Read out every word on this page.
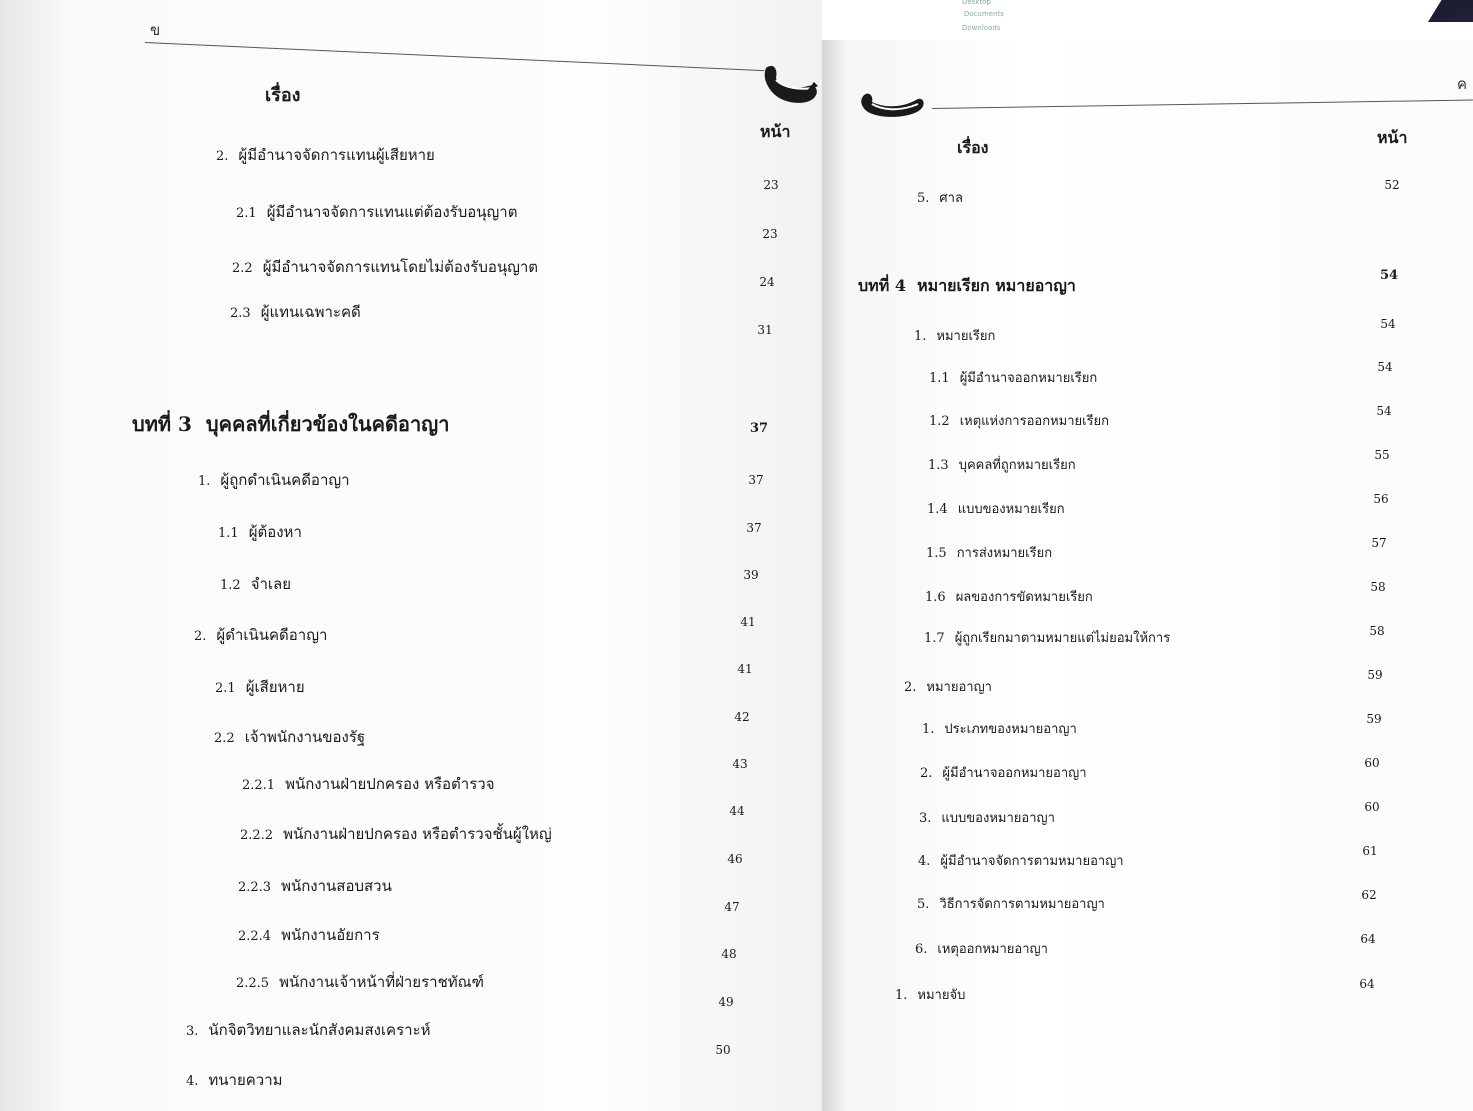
ข
เรื่อง
หน้า
2. ผู้มีอำนาจจัดการแทนผู้เสียหาย
2.1 ผู้มีอำนาจจัดการแทนแต่ต้องรับอนุญาต
2.2 ผู้มีอำนาจจัดการแทนโดยไม่ต้องรับอนุญาต
2.3 ผู้แทนเฉพาะคดี
บทที่ 3 บุคคลที่เกี่ยวข้องในคดีอาญา
1. ผู้ถูกดำเนินคดีอาญา
1.1 ผู้ต้องหา
1.2 จำเลย
2. ผู้ดำเนินคดีอาญา
2.1 ผู้เสียหาย
2.2 เจ้าพนักงานของรัฐ
2.2.1 พนักงานฝ่ายปกครอง หรือตำรวจ
2.2.2 พนักงานฝ่ายปกครอง หรือตำรวจชั้นผู้ใหญ่
2.2.3 พนักงานสอบสวน
2.2.4 พนักงานอัยการ
2.2.5 พนักงานเจ้าหน้าที่ฝ่ายราชทัณฑ์
3. นักจิตวิทยาและนักสังคมสงเคราะห์
4. ทนายความ
23
23
24
31
37
37
37
39
41
41
42
43
44
46
47
48
49
50
Desktop
Documents
Downloads
ค
เรื่อง
หน้า
5. ศาล
บทที่ 4 หมายเรียก หมายอาญา
1. หมายเรียก
1.1 ผู้มีอำนาจออกหมายเรียก
1.2 เหตุแห่งการออกหมายเรียก
1.3 บุคคลที่ถูกหมายเรียก
1.4 แบบของหมายเรียก
1.5 การส่งหมายเรียก
1.6 ผลของการขัดหมายเรียก
1.7 ผู้ถูกเรียกมาตามหมายแต่ไม่ยอมให้การ
2. หมายอาญา
1. ประเภทของหมายอาญา
2. ผู้มีอำนาจออกหมายอาญา
3. แบบของหมายอาญา
4. ผู้มีอำนาจจัดการตามหมายอาญา
5. วิธีการจัดการตามหมายอาญา
6. เหตุออกหมายอาญา
1. หมายจับ
52
54
54
54
54
55
56
57
58
58
59
59
60
60
61
62
64
64
